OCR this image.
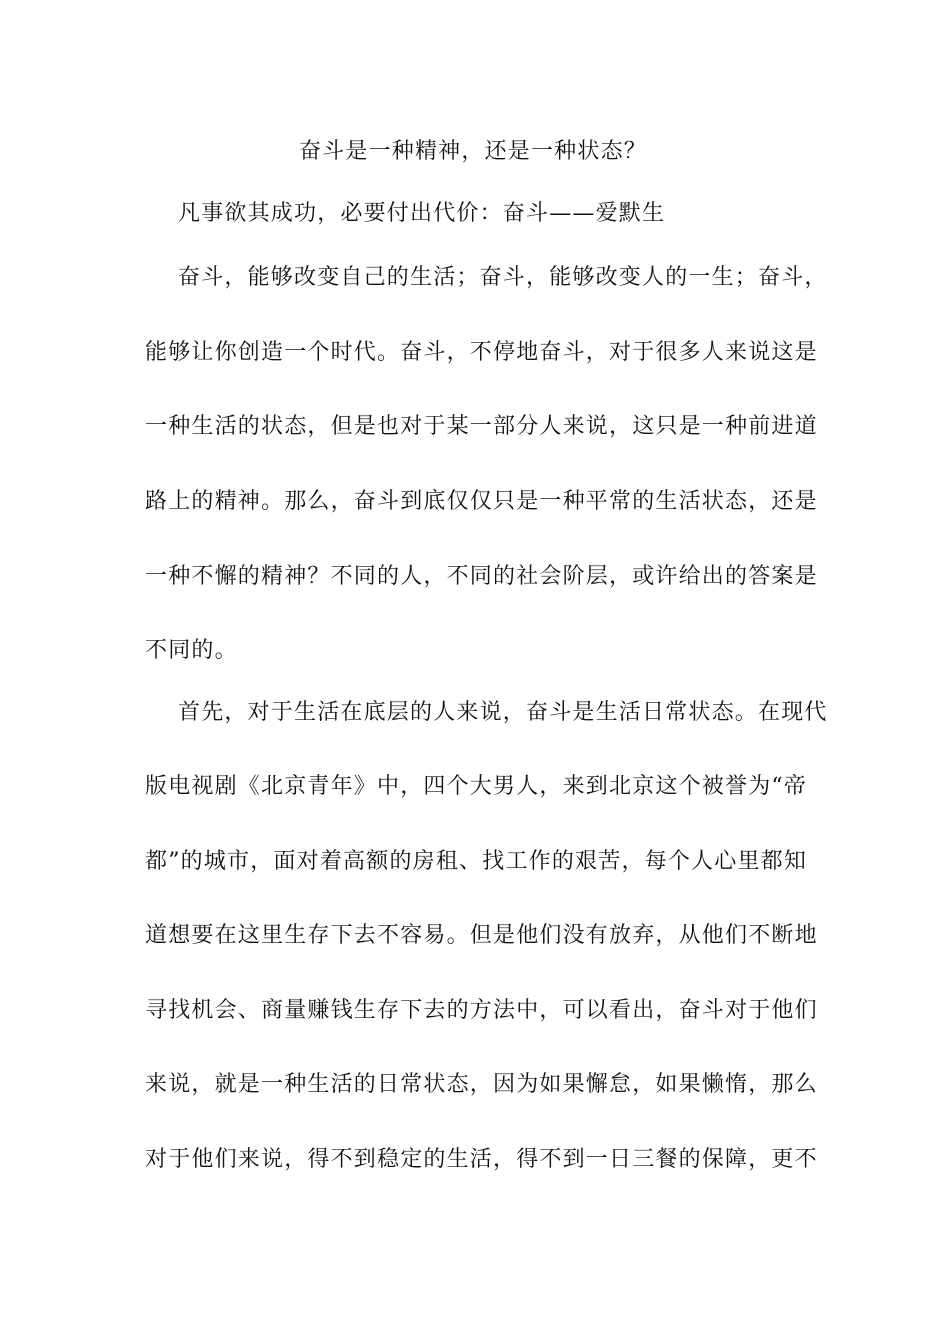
奋斗是一种精神，还是一种状态？
凡事欲其成功，必要付出代价：奋斗——爱默生
奋斗，能够改变自己的生活；奋斗，能够改变人的一生；奋斗，
能够让你创造一个时代。奋斗，不停地奋斗，对于很多人来说这是
一种生活的状态，但是也对于某一部分人来说，这只是一种前进道
路上的精神。那么，奋斗到底仅仅只是一种平常的生活状态，还是
一种不懈的精神？不同的人，不同的社会阶层，或许给出的答案是
不同的。
首先，对于生活在底层的人来说，奋斗是生活日常状态。在现代
版电视剧《北京青年》中，四个大男人，来到北京这个被誉为“帝
都”的城市，面对着高额的房租、找工作的艰苦，每个人心里都知
道想要在这里生存下去不容易。但是他们没有放弃，从他们不断地
寻找机会、商量赚钱生存下去的方法中，可以看出，奋斗对于他们
来说，就是一种生活的日常状态，因为如果懈怠，如果懒惰，那么
对于他们来说，得不到稳定的生活，得不到一日三餐的保障，更不
